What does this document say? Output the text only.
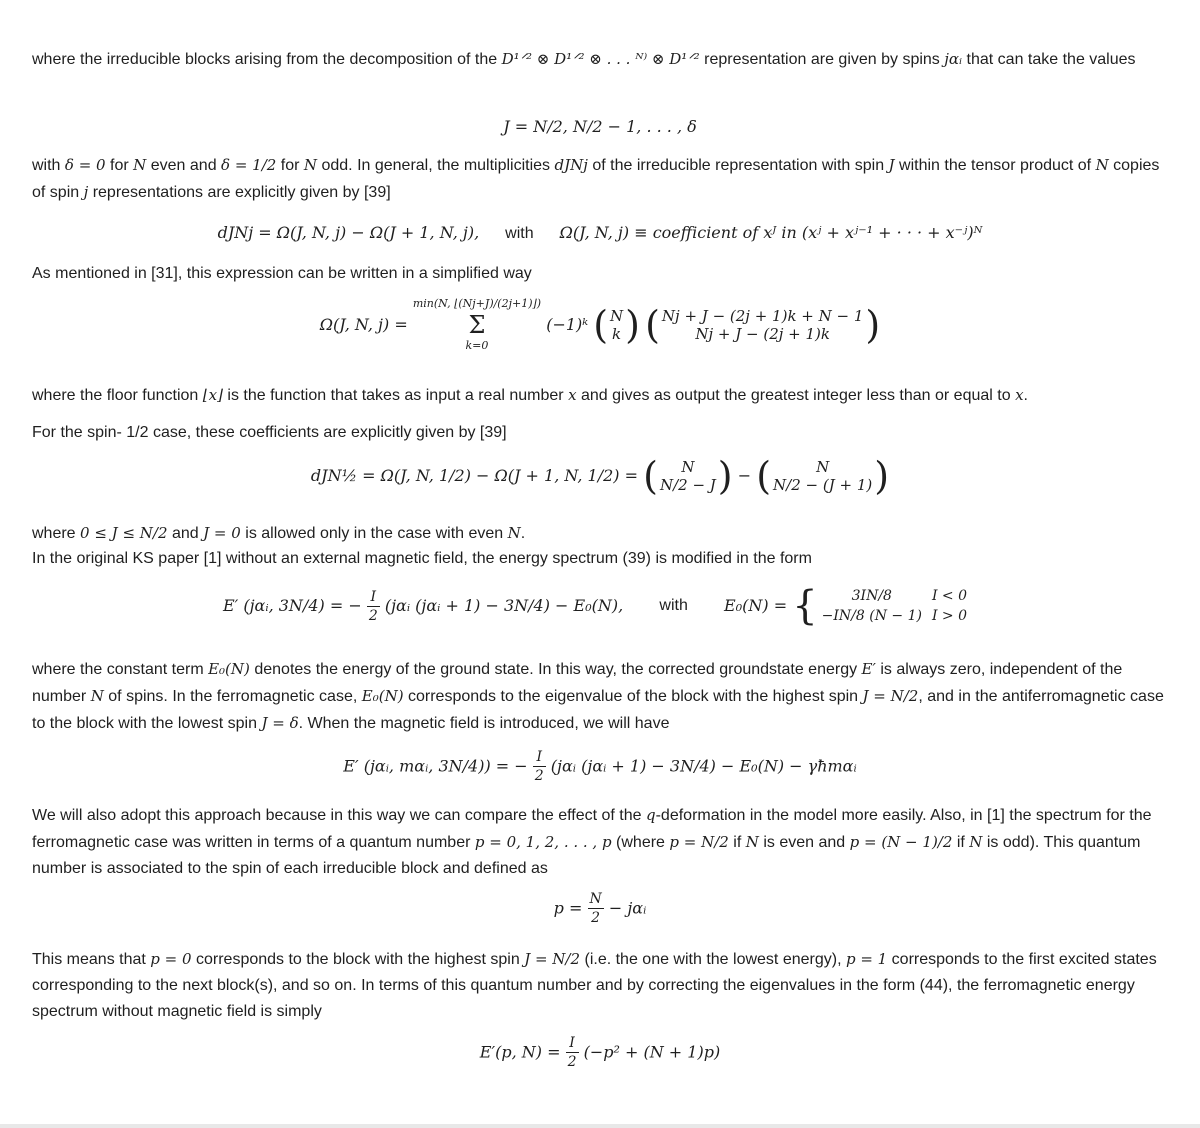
where the irreducible blocks arising from the decomposition of the D¹ᐟ² ⊗ D¹ᐟ² ⊗ . . . ᴺ⁾ ⊗ D¹ᐟ² representation are given by spins jαᵢ that can take the values

J = N/2, N/2 − 1, . . . , δ

with δ = 0 for N even and δ = 1/2 for N odd. In general, the multiplicities dJNj of the irreducible representation with spin J within the tensor product of N copies of spin j representations are explicitly given by [39]

dJNj = Ω(J, N, j) − Ω(J + 1, N, j), with Ω(J, N, j) ≡ coefficient of xᴶ in (xʲ + xʲ⁻¹ + · · · + x⁻ʲ)ᴺ

As mentioned in [31], this expression can be written in a simplified way

Ω(J, N, j) =
min(N, ⌊(Nj+J)/(2j+1)⌋)
Σ
k=0
(−1)ᵏ ( N
k )
( Nj + J − (2j + 1)k + N − 1
Nj + J − (2j + 1)k )

where the floor function ⌊x⌋ is the function that takes as input a real number x and gives as output the greatest integer less than or equal to x.

For the spin- 1/2 case, these coefficients are explicitly given by [39]

dJN½ = Ω(J, N, 1/2) − Ω(J + 1, N, 1/2) = (	N
N/2 − J ) − (	N
N/2 − (J + 1) )

where 0 ≤ J ≤ N/2 and J = 0 is allowed only in the case with even N.

In the original KS paper [1] without an external magnetic field, the energy spectrum (39) is modified in the form

E′ (jαᵢ, 3N/4) = − $\frac{I}{2}$ (jαᵢ (jαᵢ + 1) − 3N/4) − E₀(N), with E₀(N) = { 3IN/8	I < 0
−IN/8 (N − 1)	I > 0

where the constant term E₀(N) denotes the energy of the ground state. In this way, the corrected groundstate energy E′ is always zero, independent of the number N of spins. In the ferromagnetic case, E₀(N) corresponds to the eigenvalue of the block with the highest spin J = N/2, and in the antiferromagnetic case to the block with the lowest spin J = δ. When the magnetic field is introduced, we will have

E′ (jαᵢ, mαᵢ, 3N/4)) = − $\frac{I}{2}$ (jαᵢ (jαᵢ + 1) − 3N/4) − E₀(N) − γħmαᵢ

We will also adopt this approach because in this way we can compare the effect of the q-deformation in the model more easily. Also, in [1] the spectrum for the ferromagnetic case was written in terms of a quantum number p = 0, 1, 2, . . . , p (where p = N/2 if N is even and p = (N − 1)/2 if N is odd). This quantum number is associated to the spin of each irreducible block and defined as

$p = \frac{N}{2}$ − jαᵢ

This means that p = 0 corresponds to the block with the highest spin J = N/2 (i.e. the one with the lowest energy), p = 1 corresponds to the first excited states corresponding to the next block(s), and so on. In terms of this quantum number and by correcting the eigenvalues in the form (44), the ferromagnetic energy spectrum without magnetic field is simply

E′(p, $N) = \frac{I}{2} (-p^2 + (N + 1)p)$
